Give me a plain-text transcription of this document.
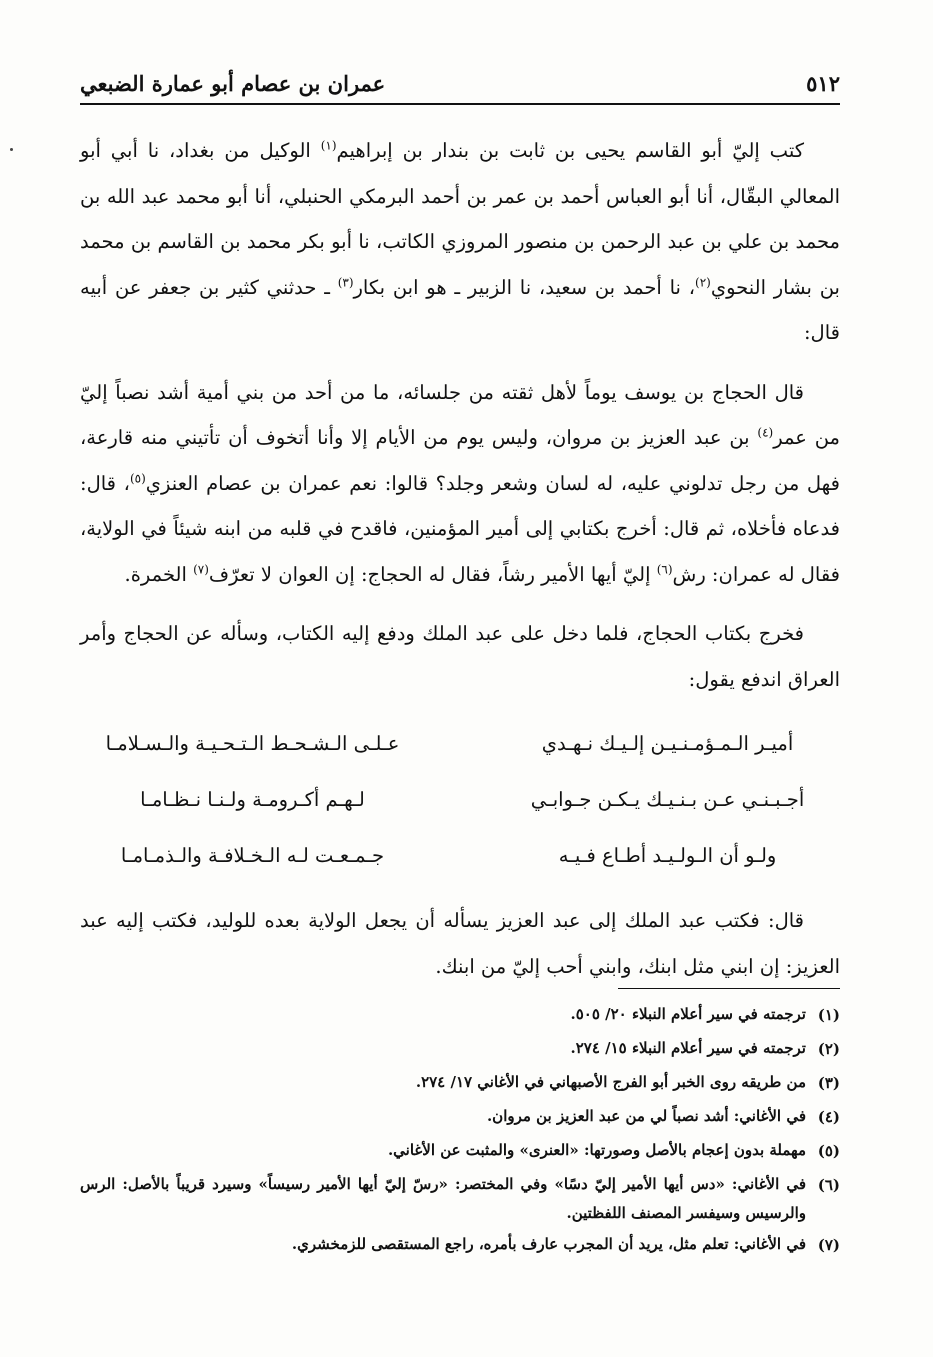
٥١٢
عمران بن عصام أبو عمارة الضبعي

كتب إليّ أبو القاسم يحيى بن ثابت بن بندار بن إبراهيم$^{(١)}$ الوكيل من بغداد، نا أبي أبو المعالي البقّال، أنا أبو العباس أحمد بن عمر بن أحمد البرمكي الحنبلي، أنا أبو محمد عبد الله بن محمد بن علي بن عبد الرحمن بن منصور المروزي الكاتب، نا أبو بكر محمد بن القاسم بن محمد بن بشار النحوي$^{(٢)}$، نا أحمد بن سعيد، نا الزبير ـ هو ابن بكار$^{(٣)}$ ـ حدثني كثير بن جعفر عن أبيه قال:

قال الحجاج بن يوسف يوماً لأهل ثقته من جلسائه، ما من أحد من بني أمية أشد نصباً إليّ من عمر$^{(٤)}$ بن عبد العزيز بن مروان، وليس يوم من الأيام إلا وأنا أتخوف أن تأتيني منه قارعة، فهل من رجل تدلوني عليه، له لسان وشعر وجلد؟ قالوا: نعم عمران بن عصام العنزي$^{(٥)}$، قال: فدعاه فأخلاه، ثم قال: أخرج بكتابي إلى أمير المؤمنين، فاقدح في قلبه من ابنه شيئاً في الولاية، فقال له عمران: رش$^{(٦)}$ إليّ أيها الأمير رشاً، فقال له الحجاج: إن العوان لا تعرّف$^{(٧)}$ الخمرة.

فخرج بكتاب الحجاج، فلما دخل على عبد الملك ودفع إليه الكتاب، وسأله عن الحجاج وأمر العراق اندفع يقول:

أميـر الـمـؤمـنـيـن إلـيـك نـهـدي
عـلـى الـشـحـط الـتـحـيـة والـسـلامـا
أجـبـنـي عـن بـنـيـك يـكـن جـوابـي
لـهـم أكـرومـة ولـنـا نـظـامـا
ولـو أن الـولـيـد أطـاع فـيـه
جـمـعـت لـه الـخـلافـة والـذمـامـا

قال: فكتب عبد الملك إلى عبد العزيز يسأله أن يجعل الولاية بعده للوليد، فكتب إليه عبد العزيز: إن ابني مثل ابنك، وابني أحب إليّ من ابنك.

(١)
ترجمته في سير أعلام النبلاء ٢٠/ ٥٠٥.
(٢)
ترجمته في سير أعلام النبلاء ١٥/ ٢٧٤.
(٣)
من طريقه روى الخبر أبو الفرج الأصبهاني في الأغاني ١٧/ ٢٧٤.
(٤)
في الأغاني: أشد نصباً لي من عبد العزيز بن مروان.
(٥)
مهملة بدون إعجام بالأصل وصورتها: «العنرى» والمثبت عن الأغاني.
(٦)
في الأغاني: «دس أيها الأمير إليّ دسًا» وفي المختصر: «رسّ إليّ أيها الأمير رسيساً» وسيرد قريباً بالأصل: الرس والرسيس وسيفسر المصنف اللفظتين.
(٧)
في الأغاني: تعلم مثل، يريد أن المجرب عارف بأمره، راجع المستقصى للزمخشري.
